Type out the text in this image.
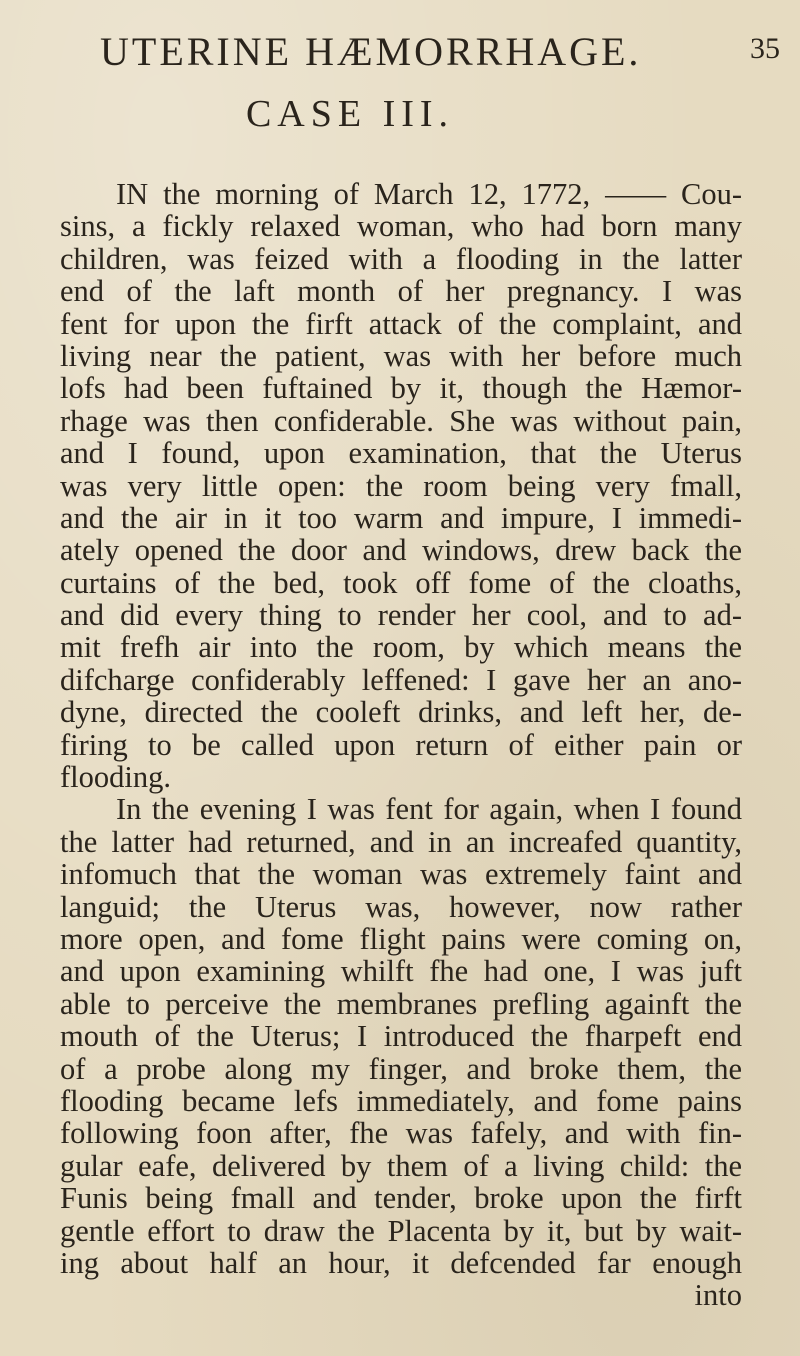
UTERINE HÆMORRHAGE.	35
CASE III.
IN the morning of March 12, 1772, —— Cou-
sins, a fickly relaxed woman, who had born many
children, was feized with a flooding in the latter
end of the laft month of her pregnancy. I was
fent for upon the firft attack of the complaint, and
living near the patient, was with her before much
lofs had been fuftained by it, though the Hæmor-
rhage was then confiderable. She was without pain,
and I found, upon examination, that the Uterus
was very little open: the room being very fmall,
and the air in it too warm and impure, I immedi-
ately opened the door and windows, drew back the
curtains of the bed, took off fome of the cloaths,
and did every thing to render her cool, and to ad-
mit frefh air into the room, by which means the
difcharge confiderably leffened: I gave her an ano-
dyne, directed the cooleft drinks, and left her, de-
firing to be called upon return of either pain or
flooding.
In the evening I was fent for again, when I found
the latter had returned, and in an increafed quantity,
infomuch that the woman was extremely faint and
languid; the Uterus was, however, now rather
more open, and fome flight pains were coming on,
and upon examining whilft fhe had one, I was juft
able to perceive the membranes prefling againft the
mouth of the Uterus; I introduced the fharpeft end
of a probe along my finger, and broke them, the
flooding became lefs immediately, and fome pains
following foon after, fhe was fafely, and with fin-
gular eafe, delivered by them of a living child: the
Funis being fmall and tender, broke upon the firft
gentle effort to draw the Placenta by it, but by wait-
ing about half an hour, it defcended far enough
into
